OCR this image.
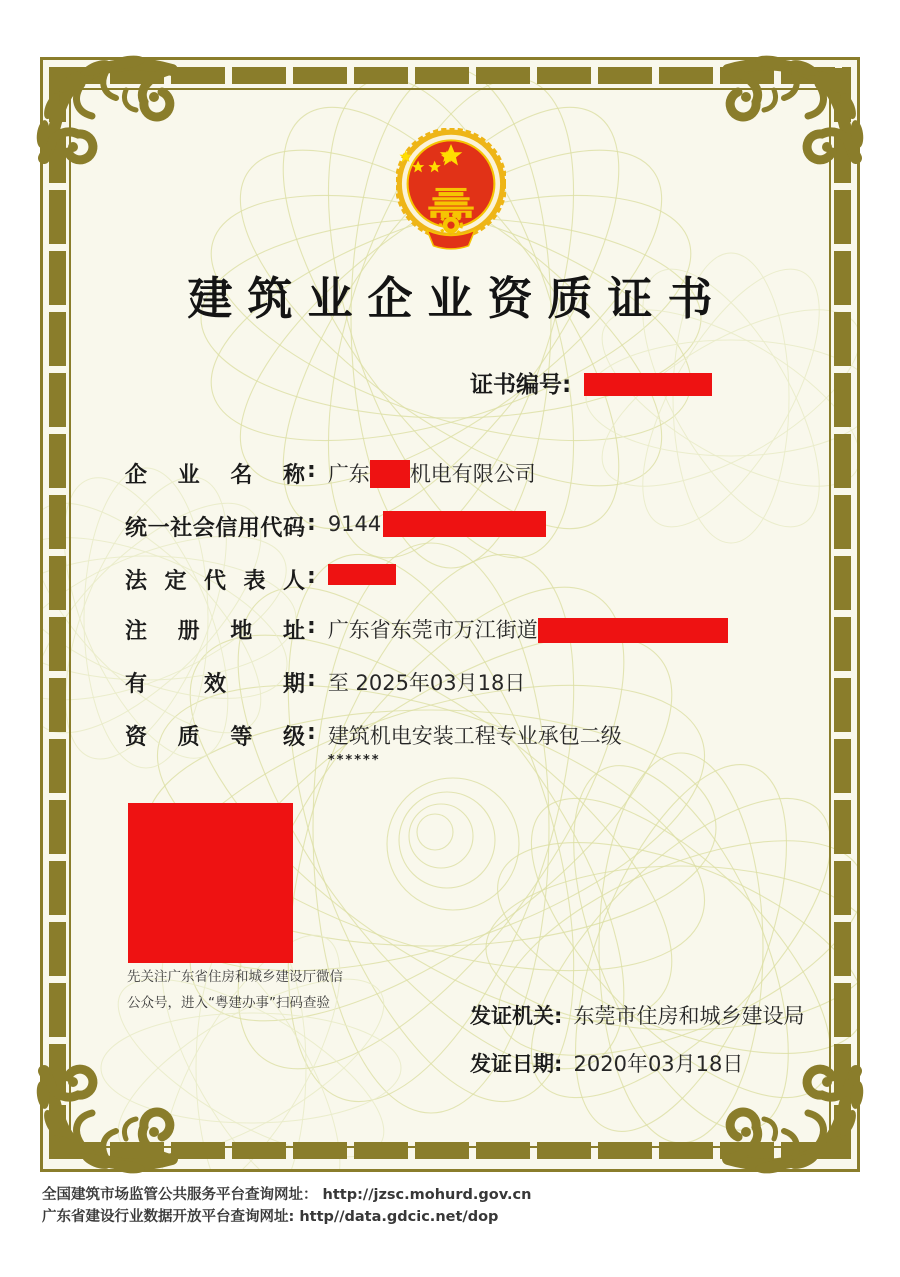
建筑业企业资质证书
证书编号:
企业名称: 广东 机电有限公司
统一社会信用代码: 9144
法定代表人:
注册地址: 广东省东莞市万江街道
有效期: 至 2025年03月18日
资质等级: 建筑机电安装工程专业承包二级
******
先关注广东省住房和城乡建设厅微信
公众号，进入“粤建办事”扫码查验
发证机关: 东莞市住房和城乡建设局
发证日期: 2020年03月18日
全国建筑市场监管公共服务平台查询网址： http://jzsc.mohurd.gov.cn
广东省建设行业数据开放平台查询网址: http//data.gdcic.net/dop
